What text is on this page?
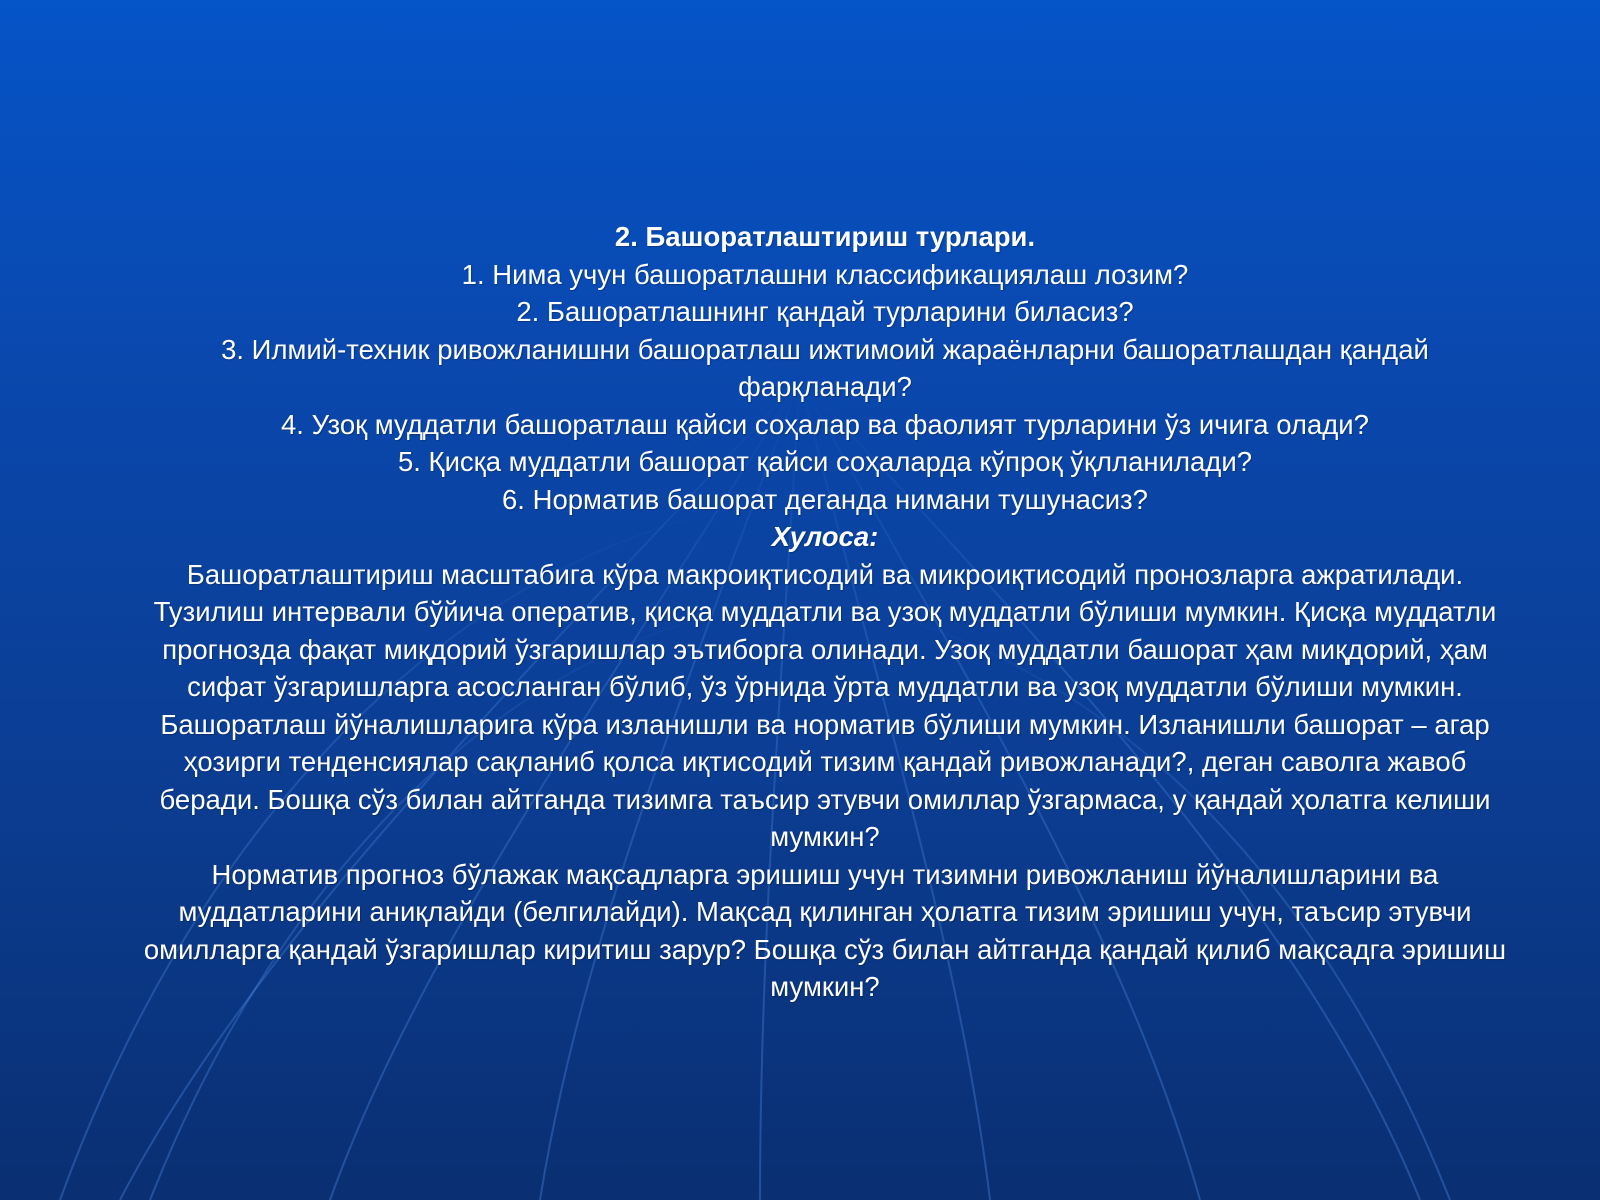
2. Башоратлаштириш турлари.

1. Нима учун башоратлашни классификациялаш лозим?

2. Башоратлашнинг қандай турларини биласиз?

3. Илмий-техник ривожланишни башоратлаш ижтимоий жараёнларни башоратлашдан қандай фарқланади?

4. Узоқ муддатли башоратлаш қайси соҳалар ва фаолият турларини ўз ичига олади?

5. Қисқа муддатли башорат қайси соҳаларда кўпроқ ўқлланилади?

6. Норматив башорат деганда нимани тушунасиз?

Хулоса:

Башоратлаштириш масштабига кўра макроиқтисодий ва микроиқтисодий пронозларга ажратилади.

Тузилиш интервали бўйича оператив, қисқа муддатли ва узоқ муддатли бўлиши мумкин. Қисқа муддатли прогнозда фақат миқдорий ўзгаришлар эътиборга олинади. Узоқ муддатли башорат ҳам миқдорий, ҳам сифат ўзгаришларга асосланган бўлиб, ўз ўрнида ўрта муддатли ва узоқ муддатли бўлиши мумкин.

Башоратлаш йўналишларига кўра изланишли ва норматив бўлиши мумкин. Изланишли башорат – агар ҳозирги тенденсиялар сақланиб қолса иқтисодий тизим қандай ривожланади?, деган саволга жавоб беради. Бошқа сўз билан айтганда тизимга таъсир этувчи омиллар ўзгармаса, у қандай ҳолатга келиши мумкин?

Норматив прогноз бўлажак мақсадларга эришиш учун тизимни ривожланиш йўналишларини ва муддатларини аниқлайди (белгилайди). Мақсад қилинган ҳолатга тизим эришиш учун, таъсир этувчи омилларга қандай ўзгаришлар киритиш зарур? Бошқа сўз билан айтганда қандай қилиб мақсадга эришиш мумкин?
